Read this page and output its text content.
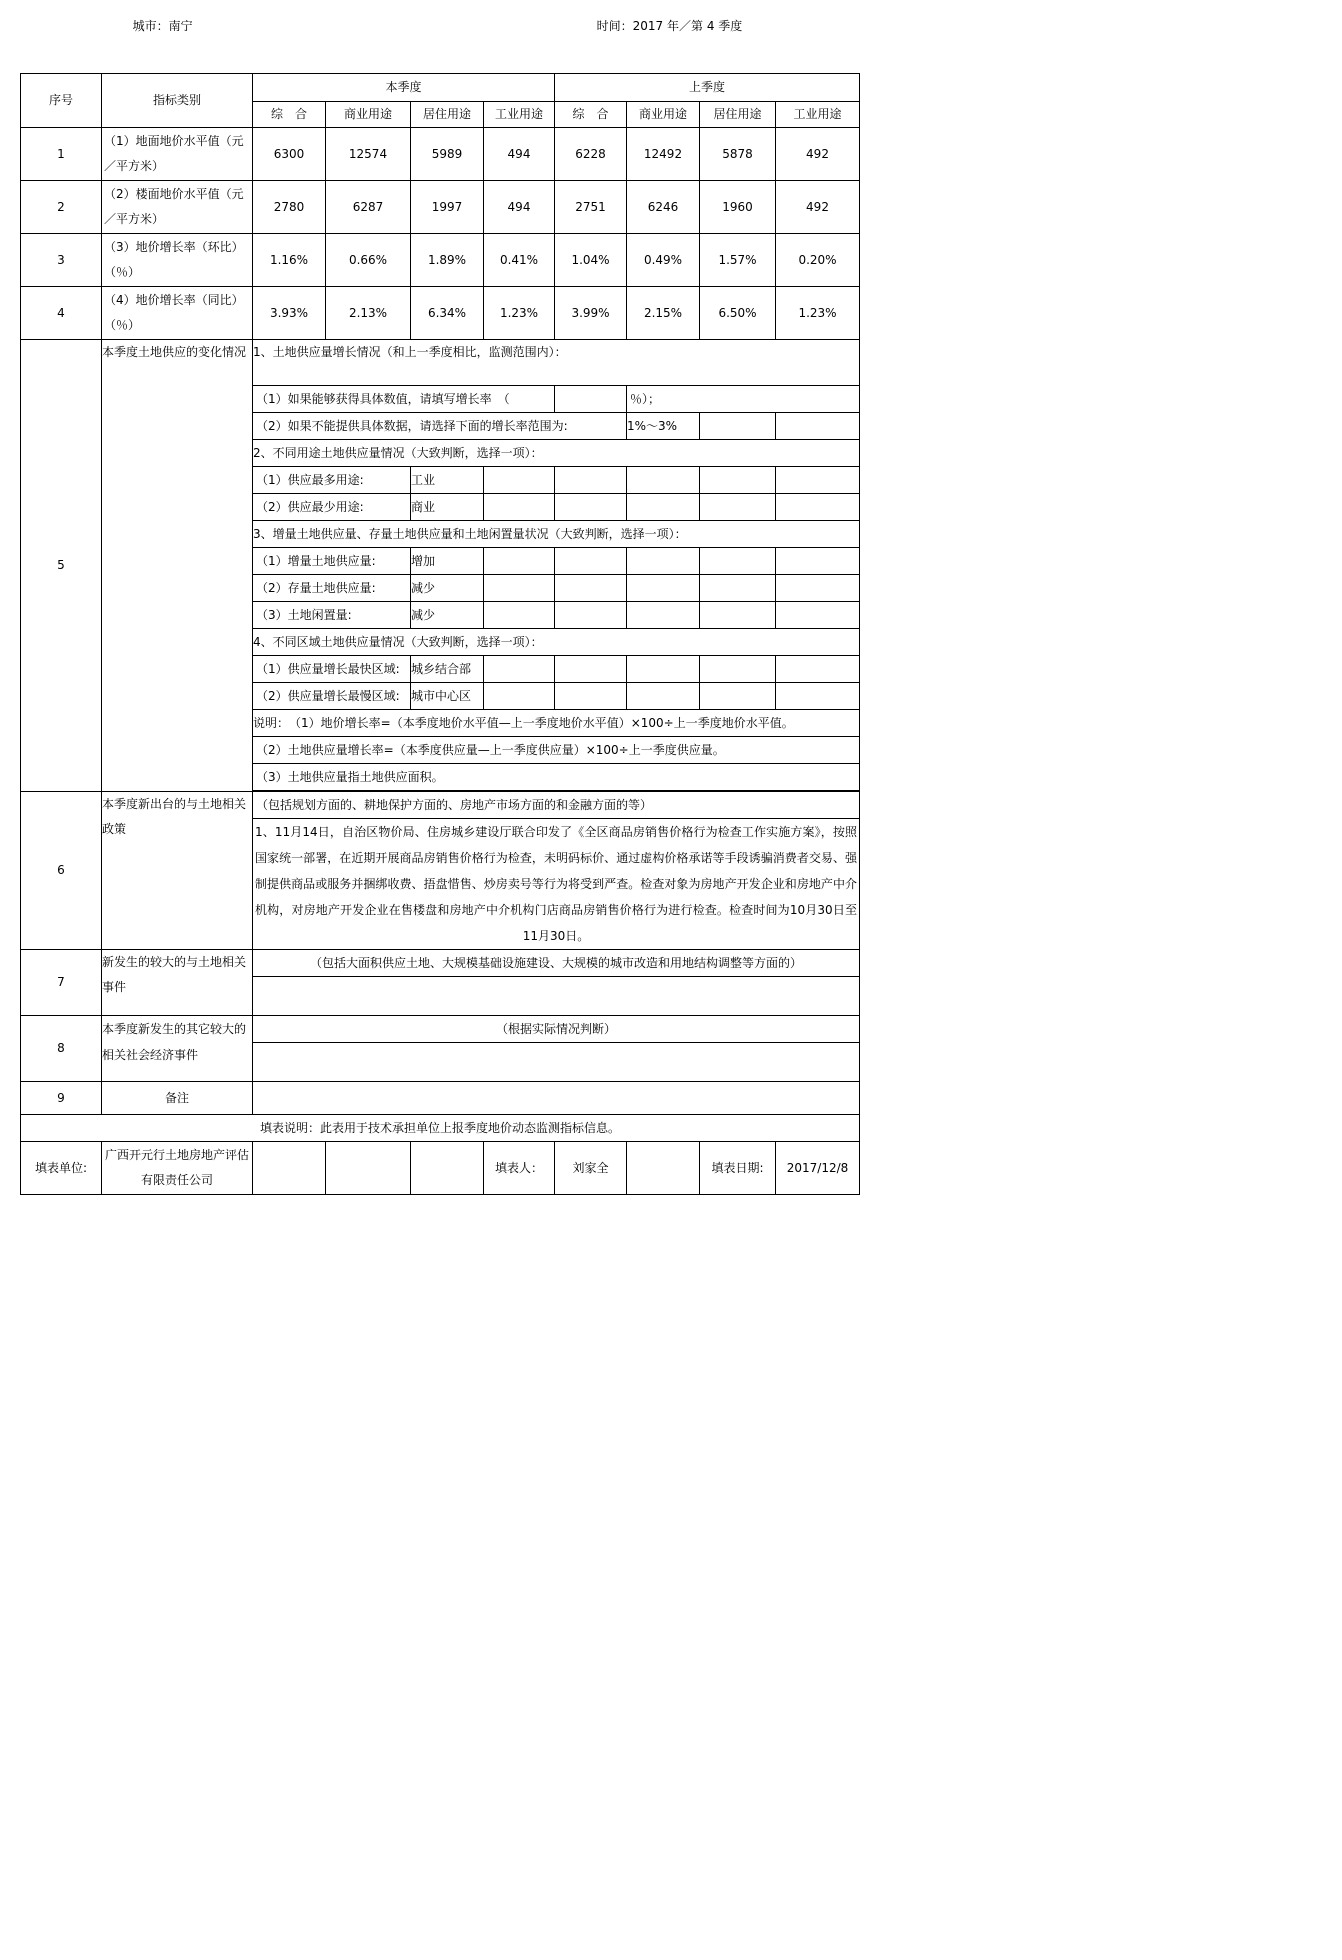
城市：南宁	时间：2017 年／第 4 季度

序号	指标类别	本季度				上季度			
		综　合	商业用途	居住用途	工业用途	综　合	商业用途	居住用途	工业用途
1	（1）地面地价水平值（元／平方米）	6300	12574	5989	494	6228	12492	5878	492
2	（2）楼面地价水平值（元／平方米）	2780	6287	1997	494	2751	6246	1960	492
3	（3）地价增长率（环比）（％）	1.16%	0.66%	1.89%	0.41%	1.04%	0.49%	1.57%	0.20%
4	（4）地价增长率（同比）（％）	3.93%	2.13%	6.34%	1.23%	3.99%	2.15%	6.50%	1.23%
5	本季度土地供应的变化情况	1、土地供应量增长情况（和上一季度相比，监测范围内）：							
		（1）如果能够获得具体数值，请填写增长率　（					％）；		
		（2）如果不能提供具体数据，请选择下面的增长率范围为:					1%～3%		
		2、不同用途土地供应量情况（大致判断，选择一项）：							
		（1）供应最多用途:		工业					
		（2）供应最少用途:		商业					
		3、增量土地供应量、存量土地供应量和土地闲置量状况（大致判断，选择一项）：							
		（1）增量土地供应量:		增加					
		（2）存量土地供应量:		减少					
		（3）土地闲置量:		减少					
		4、不同区域土地供应量情况（大致判断，选择一项）：							
		（1）供应量增长最快区域:		城乡结合部					
		（2）供应量增长最慢区域:		城市中心区					
		说明：　（1）地价增长率=（本季度地价水平值—上一季度地价水平值）×100÷上一季度地价水平值。							
		（2）土地供应量增长率=（本季度供应量—上一季度供应量）×100÷上一季度供应量。							
		（3）土地供应量指土地供应面积。							

6	本季度新出台的与土地相关政策	（包括规划方面的、耕地保护方面的、房地产市场方面的和金融方面的等）							
		1、11月14日，自治区物价局、住房城乡建设厅联合印发了《全区商品房销售价格行为检查工作实施方案》，按照国家统一部署，在近期开展商品房销售价格行为检查，未明码标价、通过虚构价格承诺等手段诱骗消费者交易、强制提供商品或服务并捆绑收费、捂盘惜售、炒房卖号等行为将受到严查。检查对象为房地产开发企业和房地产中介机构，对房地产开发企业在售楼盘和房地产中介机构门店商品房销售价格行为进行检查。检查时间为10月30日至11月30日。							
7	新发生的较大的与土地相关事件	（包括大面积供应土地、大规模基础设施建设、大规模的城市改造和用地结构调整等方面的）							

8	本季度新发生的其它较大的相关社会经济事件	（根据实际情况判断）							

9	备注								
填表说明：此表用于技术承担单位上报季度地价动态监测指标信息。									
填表单位:	广西开元行土地房地产评估有限责任公司				填表人：	刘家全		填表日期:	2017/12/8
